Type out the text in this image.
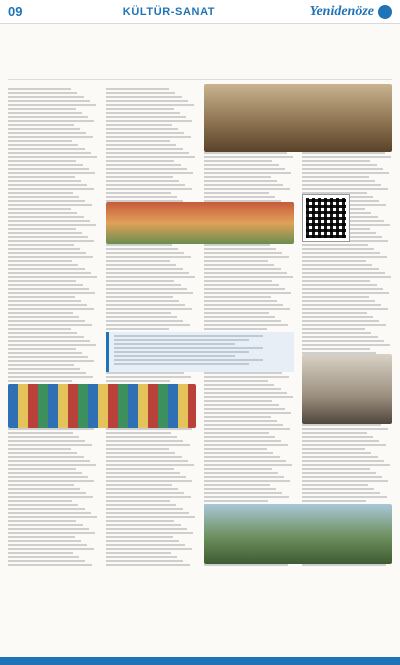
09	KÜLTÜR-SANAT	Yenidenöze
